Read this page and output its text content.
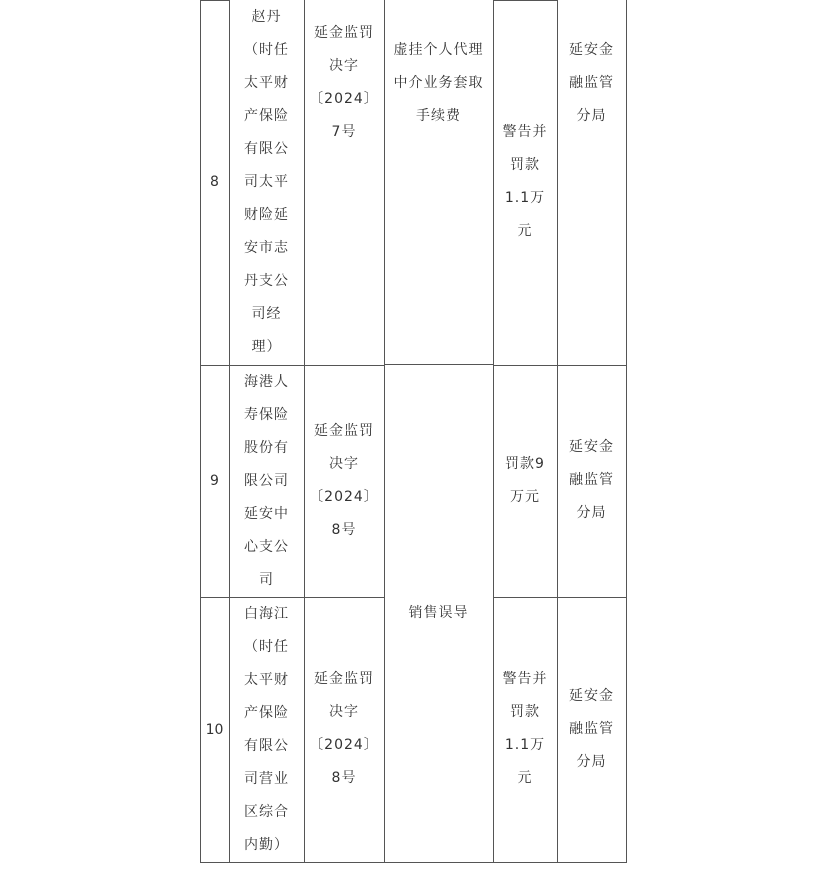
8
赵丹
（时任
太平财
产保险
有限公
司太平
财险延
安市志
丹支公
司经
理）
延金监罚
决字
〔2024〕
7号
虚挂个人代理
中介业务套取
手续费
警告并
罚款
1.1万
元
延安金
融监管
分局
9
海港人
寿保险
股份有
限公司
延安中
心支公
司
延金监罚
决字
〔2024〕
8号
罚款9
万元
延安金
融监管
分局
销售误导
10
白海江
（时任
太平财
产保险
有限公
司营业
区综合
内勤）
延金监罚
决字
〔2024〕
8号
警告并
罚款
1.1万
元
延安金
融监管
分局
